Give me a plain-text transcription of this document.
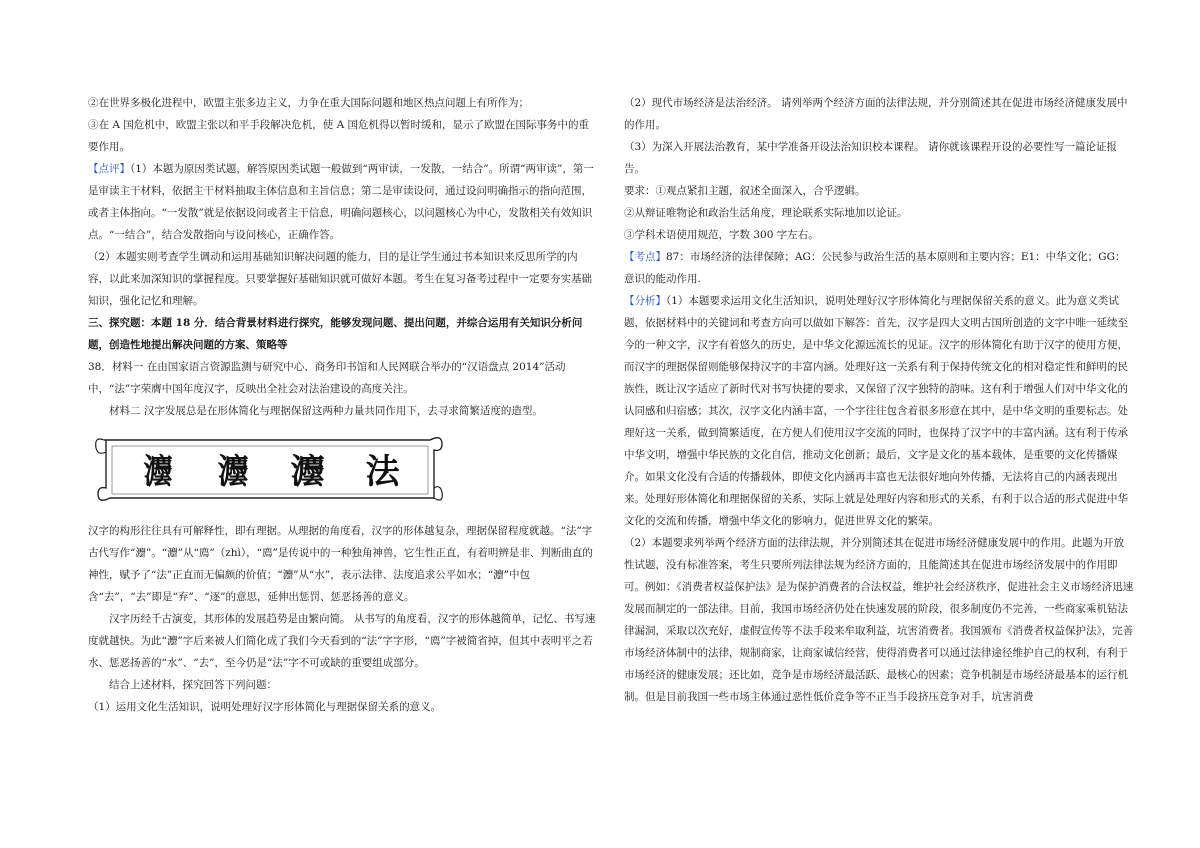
②在世界多极化进程中，欧盟主张多边主义，力争在重大国际问题和地区热点问题上有所作为；

③在 A 国危机中，欧盟主张以和平手段解决危机，使 A 国危机得以暂时缓和，显示了欧盟在国际事务中的重要作用。

【点评】（1）本题为原因类试题，解答原因类试题一般做到“两审读，一发散，一结合”。所谓“两审读”，第一是审读主干材料，依据主干材料抽取主体信息和主旨信息；第二是审读设问，通过设问明确指示的指向范围，或者主体指向。“一发散”就是依据设问或者主干信息，明确问题核心，以问题核心为中心，发散相关有效知识点。“一结合”，结合发散指向与设问核心，正确作答。

（2）本题实则考查学生调动和运用基础知识解决问题的能力，目的是让学生通过书本知识来反思所学的内容，以此来加深知识的掌握程度。只要掌握好基础知识就可做好本题。考生在复习备考过程中一定要夯实基础知识，强化记忆和理解。

三、探究题：本题 18 分．结合背景材料进行探究，能够发现问题、提出问题，并综合运用有关知识分析问题，创造性地提出解决问题的方案、策略等

38．材料一 在由国家语言资源监测与研究中心、商务印书馆和人民网联合举办的“汉语盘点 2014”活动中，“法”字荣膺中国年度汉字，反映出全社会对法治建设的高度关注。

材料二 汉字发展总是在形体简化与理据保留这两种力量共同作用下，去寻求简繁适度的造型。

灋 灋 灋 法

汉字的构形往往具有可解释性，即有理据。从理据的角度看，汉字的形体越复杂，理据保留程度就越。“法”字古代写作“灋”。“灋”从“廌”（zhì），“廌”是传说中的一种独角神兽，它生性正直，有着明辨是非、判断曲直的神性，赋予了“法”正直而无偏颇的价值；“灋”从“水”，表示法律、法度追求公平如水；“灋”中包含“去”，“去”即是“弃”、“逐”的意思，延伸出惩罚、惩恶扬善的意义。

汉字历经千古演变，其形体的发展趋势是由繁向简。 从书写的角度看，汉字的形体越简单，记忆、书写速度就越快。为此“灋”字后来被人们简化成了我们今天看到的“法”字字形，“廌”字被简省掉，但其中表明平之若水、惩恶扬善的“水”、“去”，至今仍是“法”字不可或缺的重要组成部分。

结合上述材料，探究回答下列问题：

（1）运用文化生活知识，说明处理好汉字形体简化与理据保留关系的意义。

（2）现代市场经济是法治经济。 请列举两个经济方面的法律法规，并分别简述其在促进市场经济健康发展中的作用。

（3）为深入开展法治教育，某中学准备开设法治知识校本课程。 请你就该课程开设的必要性写一篇论证报告。

要求：①观点紧扣主题，叙述全面深入，合乎逻辑。

②从辩证唯物论和政治生活角度，理论联系实际地加以论证。

③学科术语使用规范，字数 300 字左右。

【考点】87：市场经济的法律保障；AG：公民参与政治生活的基本原则和主要内容；E1：中华文化；GG：意识的能动作用.

【分析】（1）本题要求运用文化生活知识，说明处理好汉字形体简化与理据保留关系的意义。此为意义类试题，依据材料中的关键词和考查方向可以做如下解答：首先，汉字是四大文明古国所创造的文字中唯一延续至今的一种文字，汉字有着悠久的历史，是中华文化源远流长的见证。汉字的形体简化有助于汉字的使用方便，而汉字的理据保留则能够保持汉字的丰富内涵。处理好这一关系有利于保持传统文化的相对稳定性和鲜明的民族性，既让汉字适应了新时代对书写快捷的要求，又保留了汉字独特的韵味。这有利于增强人们对中华文化的认同感和归宿感；其次，汉字文化内涵丰富，一个字往往包含着很多形意在其中，是中华文明的重要标志。处理好这一关系，做到简繁适度，在方便人们使用汉字交流的同时，也保持了汉字中的丰富内涵。这有利于传承中华文明，增强中华民族的文化自信，推动文化创新；最后，文字是文化的基本载体，是重要的文化传播媒介。如果文化没有合适的传播载体，即使文化内涵再丰富也无法很好地向外传播，无法将自己的内涵表现出来。处理好形体简化和理据保留的关系，实际上就是处理好内容和形式的关系，有利于以合适的形式促进中华文化的交流和传播，增强中华文化的影响力，促进世界文化的繁荣。

（2）本题要求列举两个经济方面的法律法规，并分别简述其在促进市场经济健康发展中的作用。此题为开放性试题，没有标准答案，考生只要所列法律法规为经济方面的，且能简述其在促进市场经济发展中的作用即可。例如：《消费者权益保护法》是为保护消费者的合法权益，维护社会经济秩序，促进社会主义市场经济迅速发展而制定的一部法律。目前，我国市场经济仍处在快速发展的阶段，很多制度仍不完善，一些商家乘机钻法律漏洞，采取以次充好，虚假宣传等不法手段来牟取利益，坑害消费者。我国颁布《消费者权益保护法》，完善市场经济体制中的法律，规制商家，让商家诚信经营，使得消费者可以通过法律途径维护自己的权利，有利于市场经济的健康发展；还比如，竞争是市场经济最活跃、最核心的因素；竞争机制是市场经济最基本的运行机制。但是目前我国一些市场主体通过恶性低价竞争等不正当手段挤压竞争对手，坑害消费
